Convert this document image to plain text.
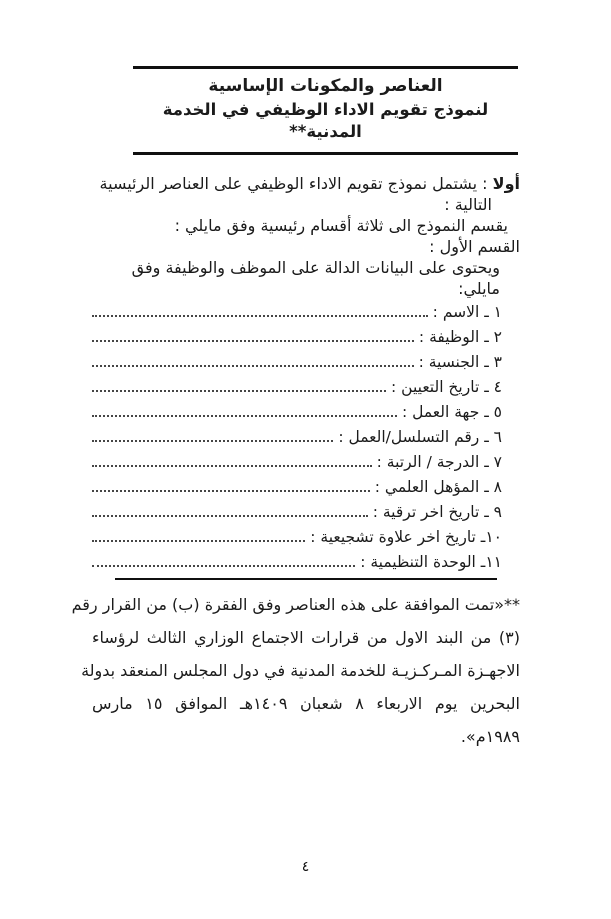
العناصر والمكونات الإساسية
لنموذج تقويم الاداء الوظيفي في الخدمة المدنية**

أولا : يشتمل نموذج تقويم الاداء الوظيفي على العناصر الرئيسية

التالية :

يقسم النموذج الى ثلاثة أقسام رئيسية وفق مايلي :

القسم الأول :

ويحتوى على البيانات الدالة على الموظف والوظيفة وفق مايلي:

١ ـ الاسم :
٢ ـ الوظيفة :
٣ ـ الجنسية :
٤ ـ تاريخ التعيين :
٥ ـ جهة العمل :
٦ ـ رقم التسلسل/العمل :
٧ ـ الدرجة / الرتبة :
٨ ـ المؤهل العلمي :
٩ ـ تاريخ اخر ترقية :
١٠ـ تاريخ اخر علاوة تشجيعية :
١١ـ الوحدة التنظيمية :
**«تمت الموافقة على هذه العناصر وفق الفقرة (ب) من القرار رقم
(٣) من البند الاول من قرارات الاجتماع الوزاري الثالث لرؤساء
الاجهـزة المـركـزيـة للخدمة المدنية في دول المجلس المنعقد بدولة
البحرين يوم الاربعاء ٨ شعبان ١٤٠٩هـ الموافق ١٥ مارس
١٩٨٩م».
٤
